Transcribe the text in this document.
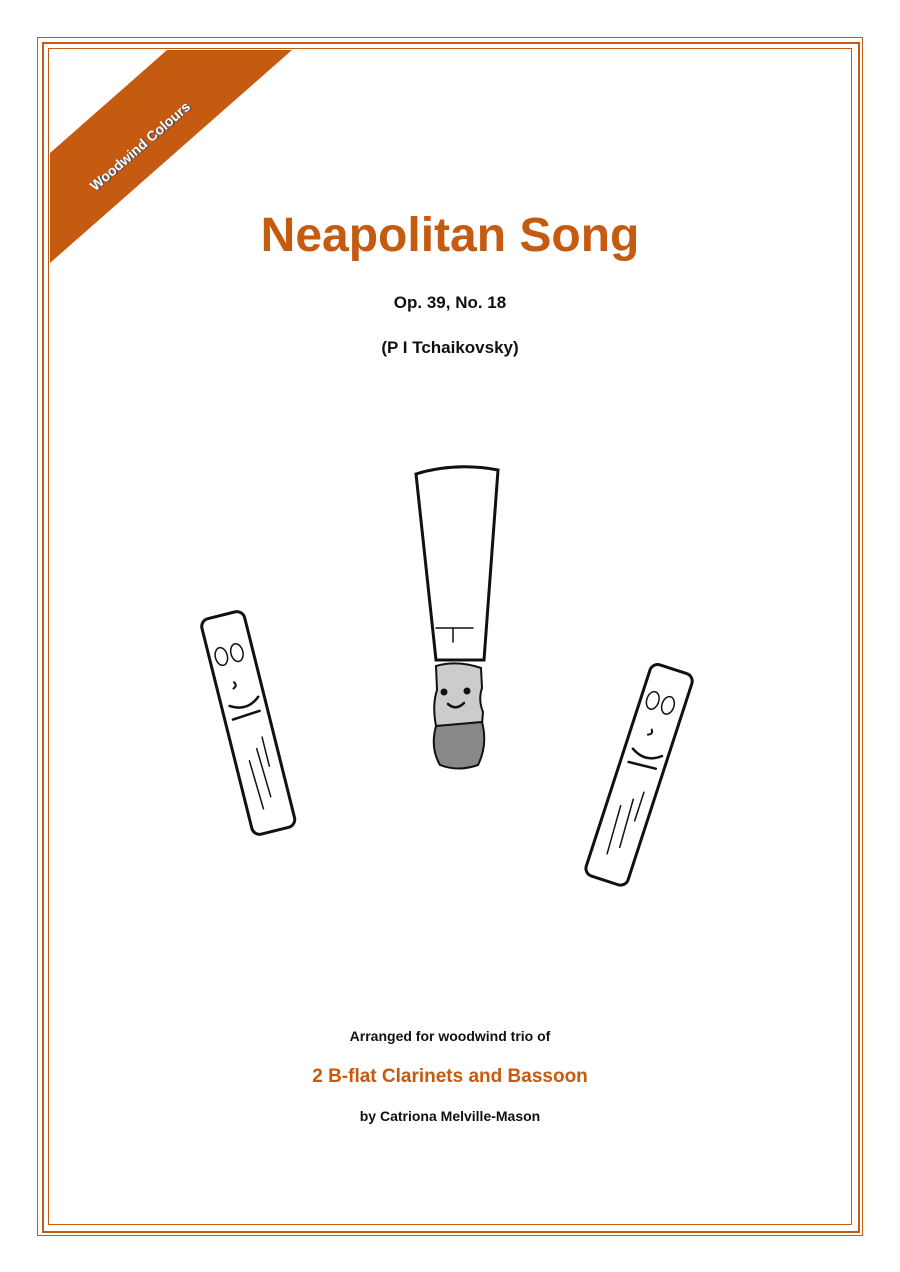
Woodwind Colours
Neapolitan Song
Op. 39, No. 18
(P I Tchaikovsky)
Arranged for woodwind trio of
2 B-flat Clarinets and Bassoon
by Catriona Melville-Mason
